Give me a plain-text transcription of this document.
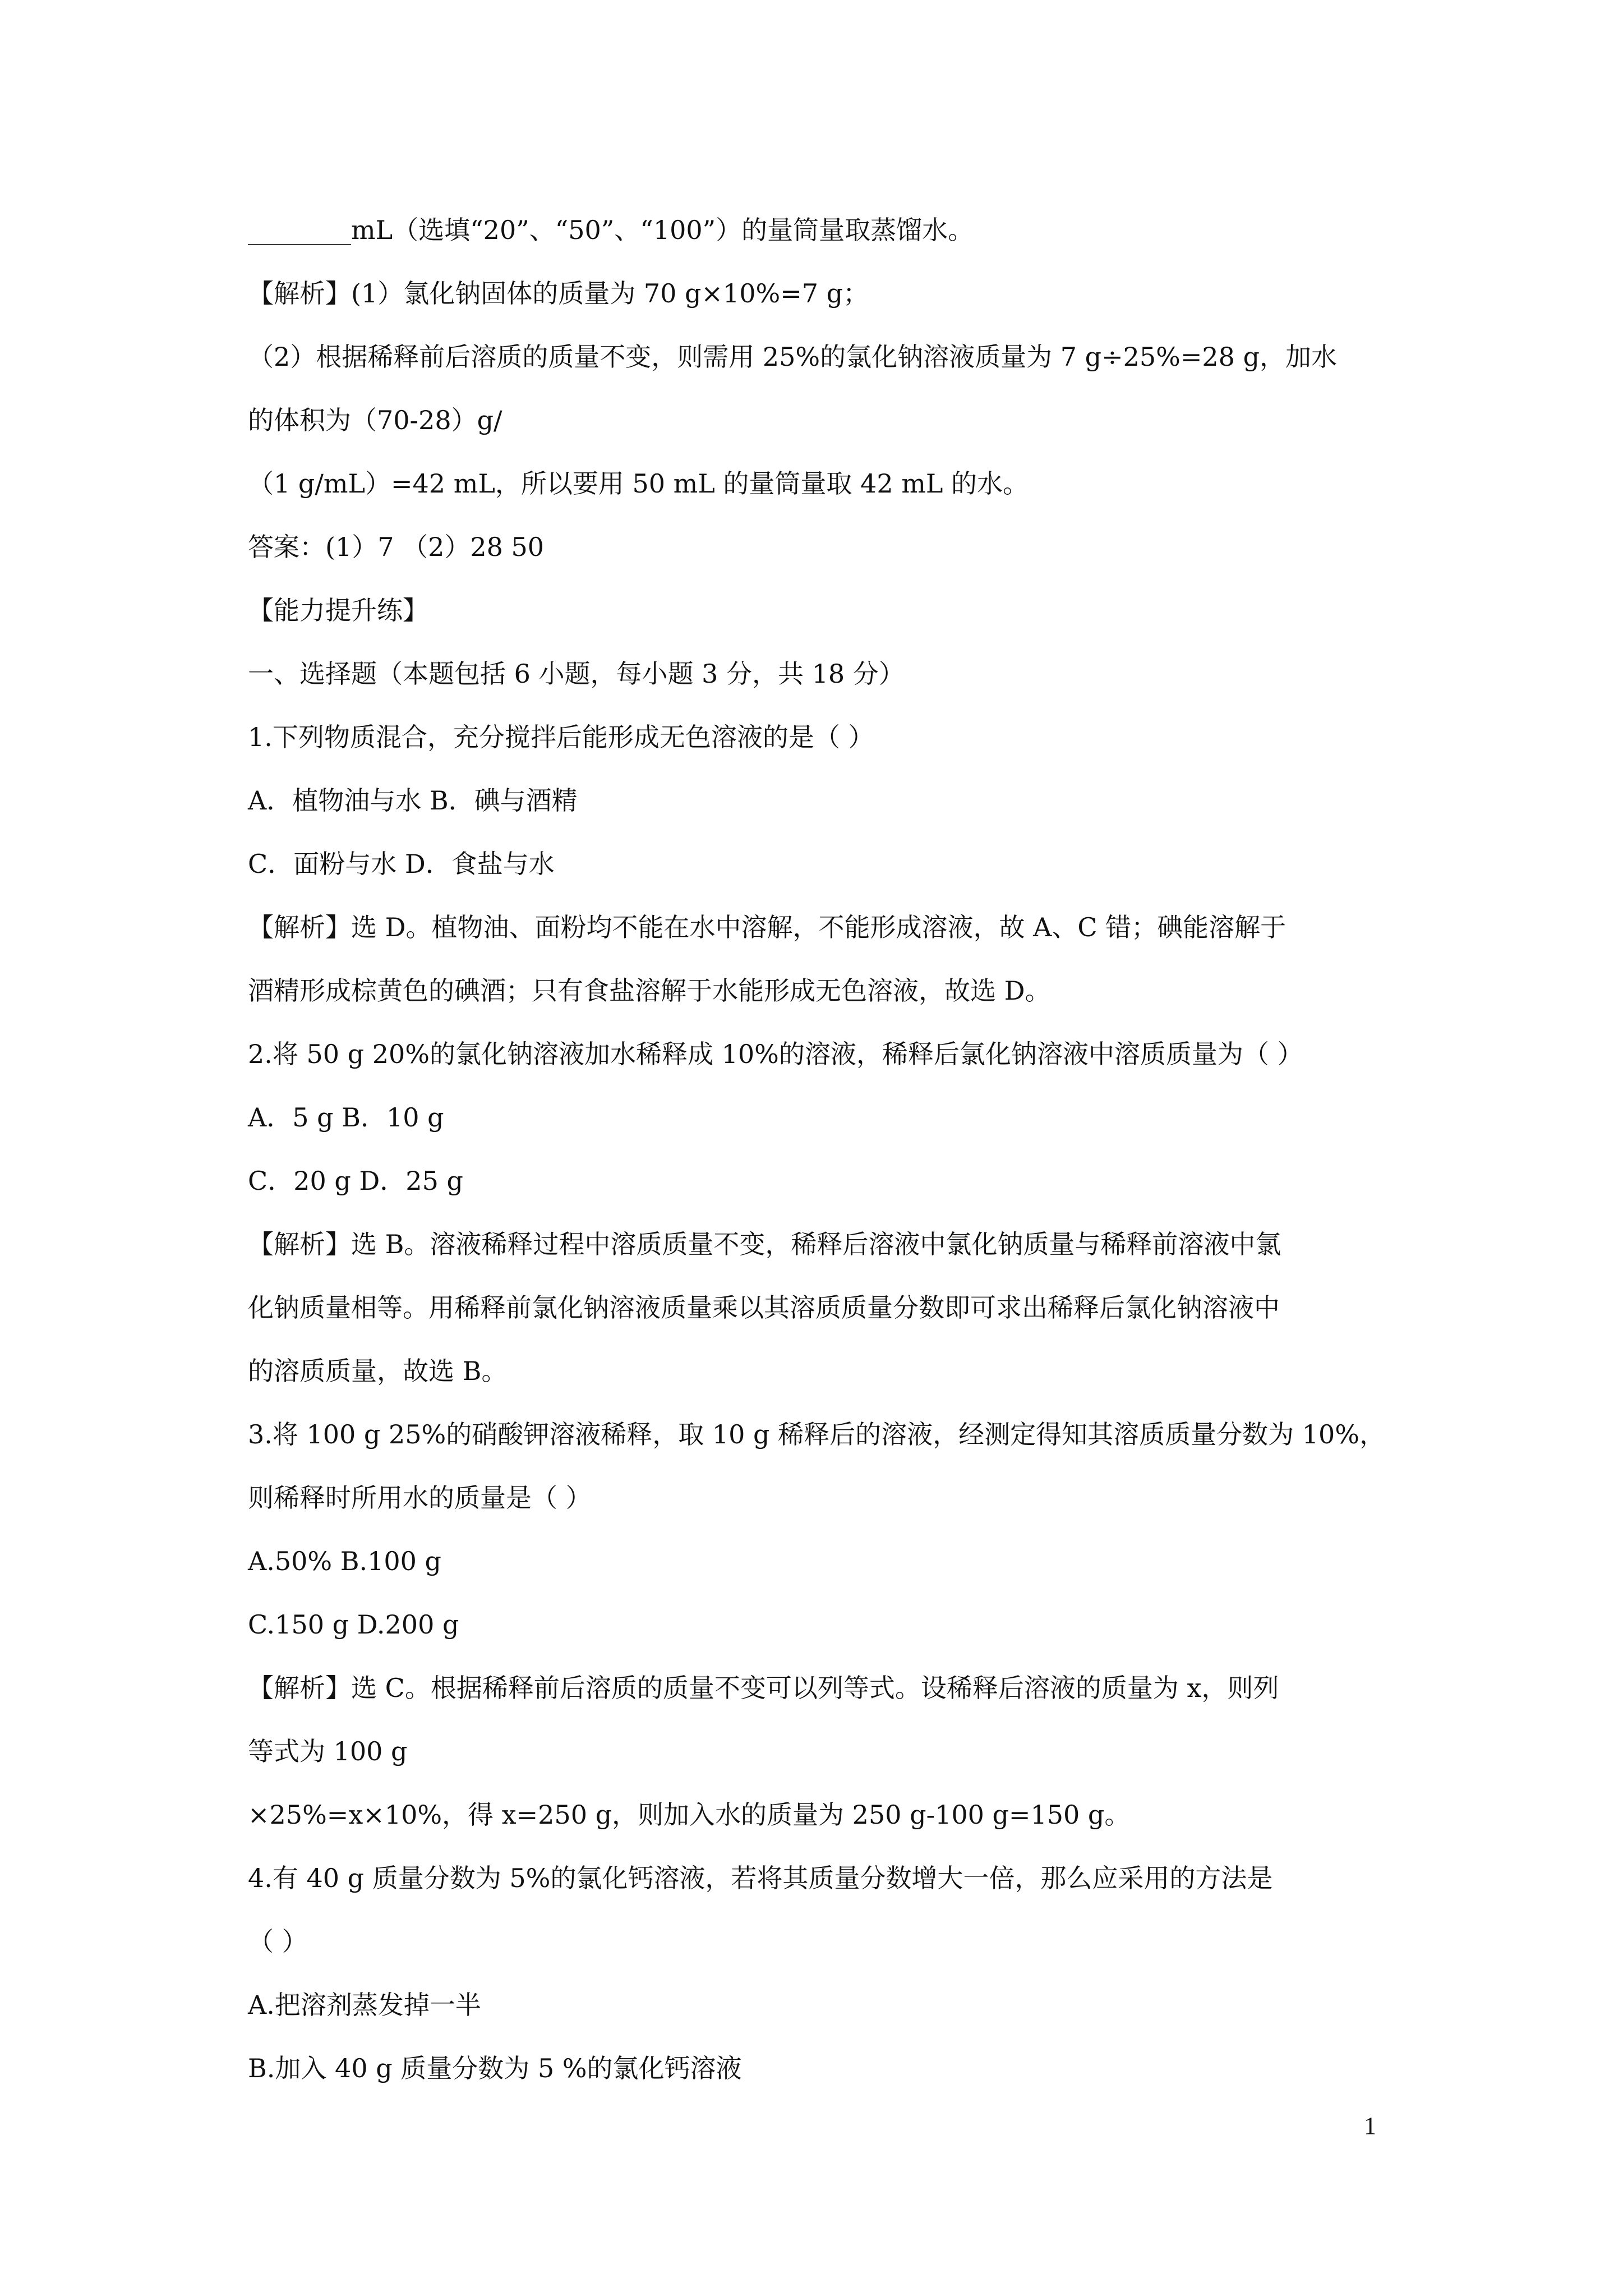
________mL（选填“20”、“50”、“100”）的量筒量取蒸馏水。
【解析】(1）氯化钠固体的质量为 70 g×10%=7 g；
（2）根据稀释前后溶质的质量不变，则需用 25%的氯化钠溶液质量为 7 g÷25%=28 g，加水
的体积为（70-28）g/
（1 g/mL）=42 mL，所以要用 50 mL 的量筒量取 42 mL 的水。
答案：(1）7 （2）28 50
【能力提升练】
一、选择题（本题包括 6 小题，每小题 3 分，共 18 分）
1.下列物质混合，充分搅拌后能形成无色溶液的是（ ）
A．植物油与水 B．碘与酒精
C．面粉与水 D．食盐与水
【解析】选 D。植物油、面粉均不能在水中溶解，不能形成溶液，故 A、C 错；碘能溶解于
酒精形成棕黄色的碘酒；只有食盐溶解于水能形成无色溶液，故选 D。
2.将 50 g 20%的氯化钠溶液加水稀释成 10%的溶液，稀释后氯化钠溶液中溶质质量为（ ）
A．5 g B．10 g
C．20 g D．25 g
【解析】选 B。溶液稀释过程中溶质质量不变，稀释后溶液中氯化钠质量与稀释前溶液中氯
化钠质量相等。用稀释前氯化钠溶液质量乘以其溶质质量分数即可求出稀释后氯化钠溶液中
的溶质质量，故选 B。
3.将 100 g 25%的硝酸钾溶液稀释，取 10 g 稀释后的溶液，经测定得知其溶质质量分数为 10%，
则稀释时所用水的质量是（ ）
A.50% B.100 g
C.150 g D.200 g
【解析】选 C。根据稀释前后溶质的质量不变可以列等式。设稀释后溶液的质量为 x，则列
等式为 100 g
×25%=x×10%，得 x=250 g，则加入水的质量为 250 g-100 g=150 g。
4.有 40 g 质量分数为 5%的氯化钙溶液，若将其质量分数增大一倍，那么应采用的方法是
（ ）
A.把溶剂蒸发掉一半
B.加入 40 g 质量分数为 5 %的氯化钙溶液
1
